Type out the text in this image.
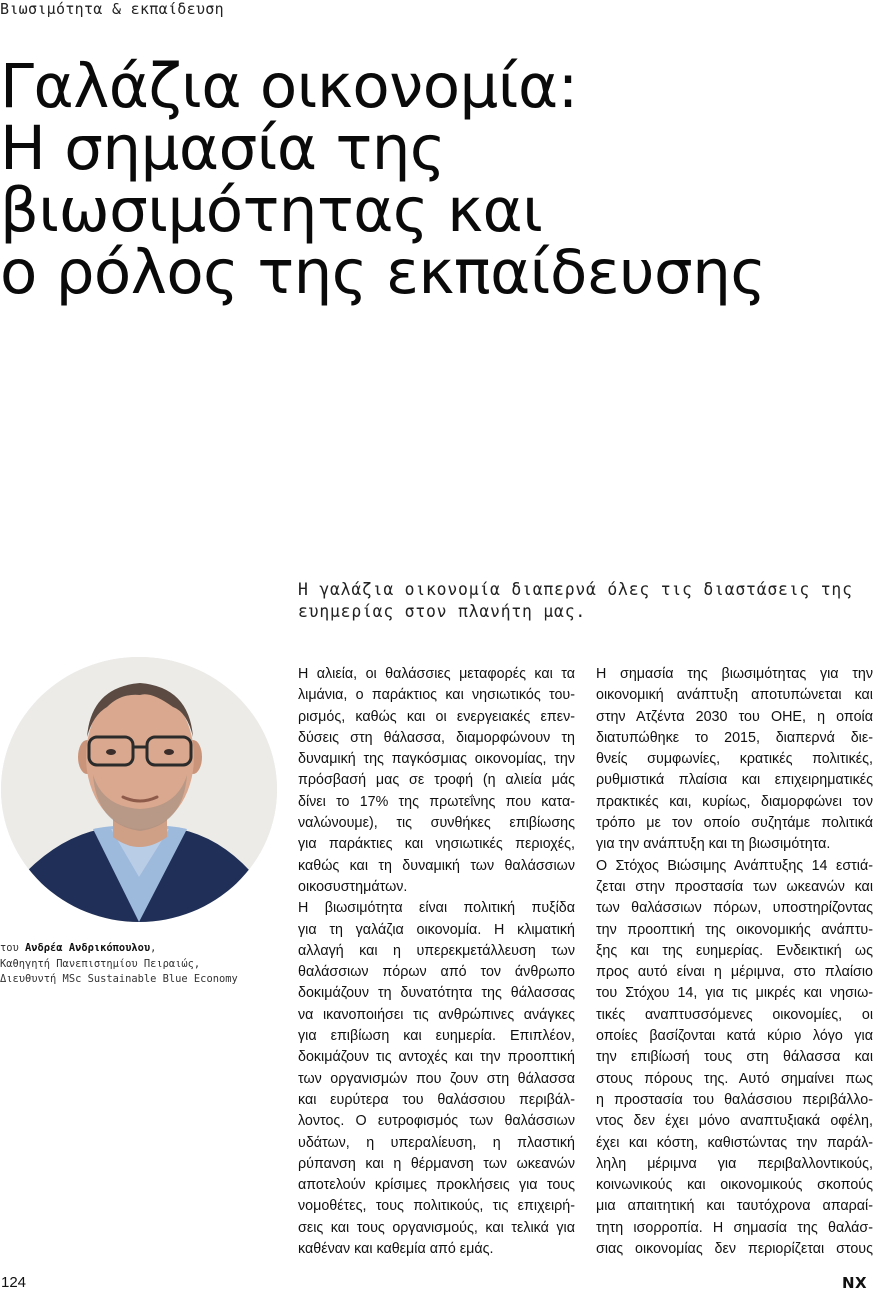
Βιωσιμότητα & εκπαίδευση
Γαλάζια οικονομία:
Η σημασία της
βιωσιμότητας και
ο ρόλος της εκπαίδευσης

Η γαλάζια οικονομία διαπερνά όλες τις διαστάσεις της
ευημερίας στον πλανήτη μας.

του Ανδρέα Ανδρικόπουλου,
Καθηγητή Πανεπιστημίου Πειραιώς,
Διευθυντή MSc Sustainable Blue Economy
Η αλιεία, οι θαλάσσιες μεταφορές και τα
λιμάνια, ο παράκτιος και νησιωτικός του-
ρισμός, καθώς και οι ενεργειακές επεν-
δύσεις στη θάλασσα, διαμορφώνουν τη
δυναμική της παγκόσμιας οικονομίας, την
πρόσβασή μας σε τροφή (η αλιεία μάς
δίνει το 17% της πρωτεΐνης που κατα-
ναλώνουμε), τις συνθήκες επιβίωσης
για παράκτιες και νησιωτικές περιοχές,
καθώς και τη δυναμική των θαλάσσιων
οικοσυστημάτων.
Η βιωσιμότητα είναι πολιτική πυξίδα
για τη γαλάζια οικονομία. Η κλιματική
αλλαγή και η υπερεκμετάλλευση των
θαλάσσιων πόρων από τον άνθρωπο
δοκιμάζουν τη δυνατότητα της θάλασσας
να ικανοποιήσει τις ανθρώπινες ανάγκες
για επιβίωση και ευημερία. Επιπλέον,
δοκιμάζουν τις αντοχές και την προοπτική
των οργανισμών που ζουν στη θάλασσα
και ευρύτερα του θαλάσσιου περιβάλ-
λοντος. Ο ευτροφισμός των θαλάσσιων
υδάτων, η υπεραλίευση, η πλαστική
ρύπανση και η θέρμανση των ωκεανών
αποτελούν κρίσιμες προκλήσεις για τους
νομοθέτες, τους πολιτικούς, τις επιχειρή-
σεις και τους οργανισμούς, και τελικά για
καθέναν και καθεμία από εμάς.
Η σημασία της βιωσιμότητας για την
οικονομική ανάπτυξη αποτυπώνεται και
στην Ατζέντα 2030 του ΟΗΕ, η οποία
διατυπώθηκε το 2015, διαπερνά διε-
θνείς συμφωνίες, κρατικές πολιτικές,
ρυθμιστικά πλαίσια και επιχειρηματικές
πρακτικές και, κυρίως, διαμορφώνει τον
τρόπο με τον οποίο συζητάμε πολιτικά
για την ανάπτυξη και τη βιωσιμότητα.
Ο Στόχος Βιώσιμης Ανάπτυξης 14 εστιά-
ζεται στην προστασία των ωκεανών και
των θαλάσσιων πόρων, υποστηρίζοντας
την προοπτική της οικονομικής ανάπτυ-
ξης και της ευημερίας. Ενδεικτική ως
προς αυτό είναι η μέριμνα, στο πλαίσιο
του Στόχου 14, για τις μικρές και νησιω-
τικές αναπτυσσόμενες οικονομίες, οι
οποίες βασίζονται κατά κύριο λόγο για
την επιβίωσή τους στη θάλασσα και
στους πόρους της. Αυτό σημαίνει πως
η προστασία του θαλάσσιου περιβάλλο-
ντος δεν έχει μόνο αναπτυξιακά οφέλη,
έχει και κόστη, καθιστώντας την παράλ-
ληλη μέριμνα για περιβαλλοντικούς,
κοινωνικούς και οικονομικούς σκοπούς
μια απαιτητική και ταυτόχρονα απαραί-
τητη ισορροπία. Η σημασία της θαλάσ-
σιας οικονομίας δεν περιορίζεται στους
124	NX
